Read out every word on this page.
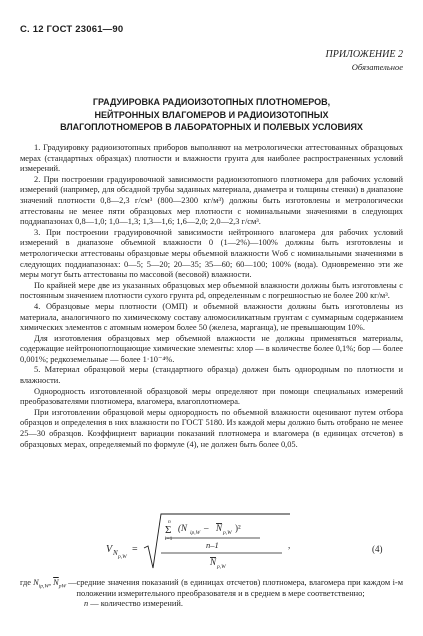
С. 12 ГОСТ 23061—90
ПРИЛОЖЕНИЕ 2
Обязательное
ГРАДУИРОВКА РАДИОИЗОТОПНЫХ ПЛОТНОМЕРОВ,
НЕЙТРОННЫХ ВЛАГОМЕРОВ И РАДИОИЗОТОПНЫХ
ВЛАГОПЛОТНОМЕРОВ В ЛАБОРАТОРНЫХ И ПОЛЕВЫХ УСЛОВИЯХ

1. Градуировку радиоизотопных приборов выполняют на метрологически аттестованных образцовых мерах (стандартных образцах) плотности и влажности грунта для наиболее распространенных условий измерений.

2. При построении градуировочной зависимости радиоизотопного плотномера для рабочих условий измерений (например, для обсадной трубы заданных материала, диаметра и толщины стенки) в диапазоне значений плотности 0,8—2,3 г/см³ (800—2300 кг/м³) должны быть изготовлены и метрологически аттестованы не менее пяти образцовых мер плотности с номинальными значениями в следующих поддиапазонах 0,8—1,0; 1,0—1,3; 1,3—1,6; 1,6—2,0; 2,0—2,3 г/см³.

3. При построении градуировочной зависимости нейтронного влагомера для рабочих условий измерений в диапазоне объемной влажности 0 (1—2%)—100% должны быть изготовлены и метрологически аттестованы образцовые меры объемной влажности Wоб с номинальными значениями в следующих поддиапазонах: 0—5; 5—20; 20—35; 35—60; 60—100; 100% (вода). Одновременно эти же меры могут быть аттестованы по массовой (весовой) влажности.

По крайней мере две из указанных образцовых мер объемной влажности должны быть изготовлены с постоянным значением плотности сухого грунта ρd, определенным с погрешностью не более 200 кг/м³.

4. Образцовые меры плотности (ОМП) и объемной влажности должны быть изготовлены из материала, аналогичного по химическому составу алюмосиликатным грунтам с суммарным содержанием химических элементов с атомным номером более 50 (железа, марганца), не превышающим 10%.

Для изготовления образцовых мер объемной влажности не должны применяться материалы, содержащие нейтронопоглощающие химические элементы: хлор — в количестве более 0,1%; бор — более 0,001%; редкоземельные — более 1·10⁻⁴%.

5. Материал образцовой меры (стандартного образца) должен быть однородным по плотности и влажности.

Однородность изготовленной образцовой меры определяют при помощи специальных измерений преобразователями плотномера, влагомера, влагоплотномера.

При изготовлении образцовой меры однородность по объемной влажности оценивают путем отбора образцов и определения в них влажности по ГОСТ 5180. Из каждой меры должно быть отобрано не менее 25—30 образцов. Коэффициент вариации показаний плотномера и влагомера (в единицах отсчетов) в образцовых мерах, определяемый по формуле (4), не должен быть более 0,05.

V N p,W
=
n
Σ
i=1
(N ip,W – N p,W )²
n–1
N p,W
,	(4)
где $N_{ip,W}$, $\overline{N}_{pW}$ — средние значения показаний (в единицах отсчетов) плотномера, влагомера при каждом i-м положении измерительного преобразователя и в среднем в мере соответственно;
n — количество измерений.
